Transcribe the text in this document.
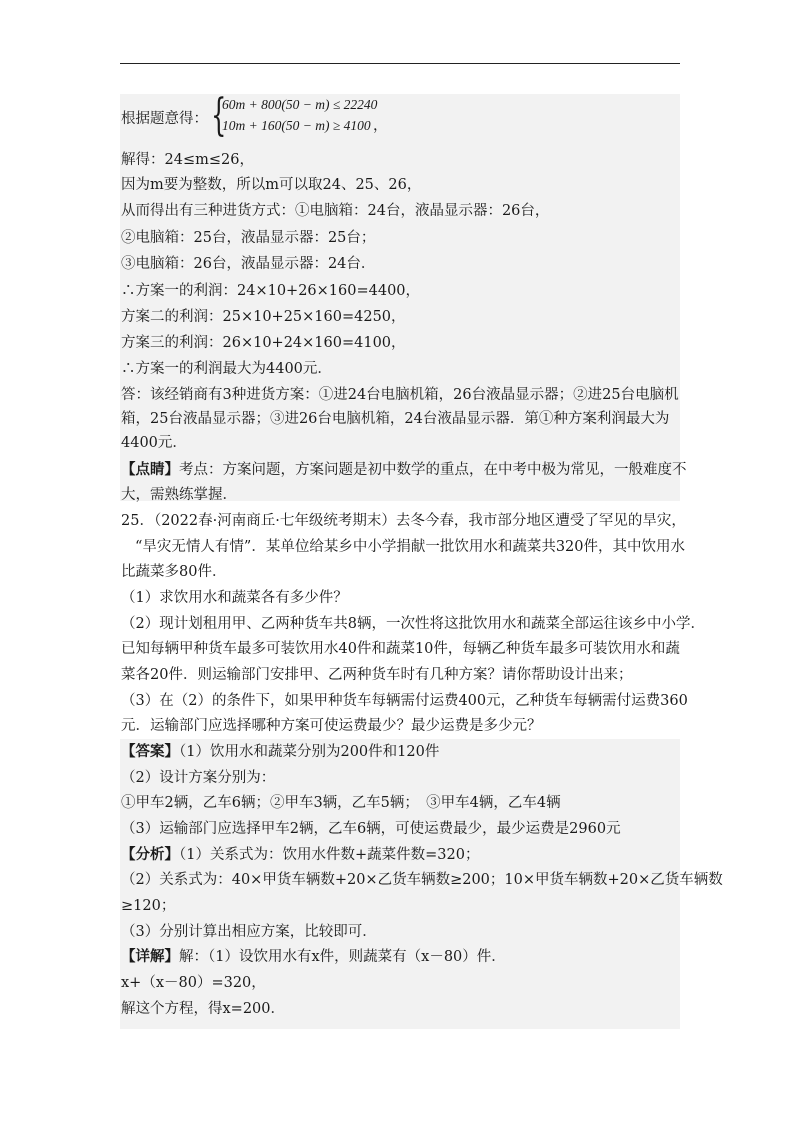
根据题意得： {
60m + 800(50 − m) ≤ 22240
10m + 160(50 − m) ≥ 4100 ，
解得：24≤m≤26，
因为m要为整数，所以m可以取24、25、26，
从而得出有三种进货方式：①电脑箱：24台，液晶显示器：26台，
②电脑箱：25台，液晶显示器：25台；
③电脑箱：26台，液晶显示器：24台．
∴方案一的利润：24×10+26×160=4400，
方案二的利润：25×10+25×160=4250，
方案三的利润：26×10+24×160=4100，
∴方案一的利润最大为4400元．
答：该经销商有3种进货方案：①进24台电脑机箱，26台液晶显示器；②进25台电脑机
箱，25台液晶显示器；③进26台电脑机箱，24台液晶显示器．第①种方案利润最大为
4400元．
【点睛】考点：方案问题，方案问题是初中数学的重点，在中考中极为常见，一般难度不
大，需熟练掌握．
25．（2022春·河南商丘·七年级统考期末）去冬今春，我市部分地区遭受了罕见的旱灾，
“旱灾无情人有情”．某单位给某乡中小学捐献一批饮用水和蔬菜共320件，其中饮用水
比蔬菜多80件．
（1）求饮用水和蔬菜各有多少件？
（2）现计划租用甲、乙两种货车共8辆，一次性将这批饮用水和蔬菜全部运往该乡中小学．
已知每辆甲种货车最多可装饮用水40件和蔬菜10件，每辆乙种货车最多可装饮用水和蔬
菜各20件．则运输部门安排甲、乙两种货车时有几种方案？请你帮助设计出来；
（3）在（2）的条件下，如果甲种货车每辆需付运费400元，乙种货车每辆需付运费360
元．运输部门应选择哪种方案可使运费最少？最少运费是多少元？
【答案】（1）饮用水和蔬菜分别为200件和120件
（2）设计方案分别为：
①甲车2辆，乙车6辆；②甲车3辆，乙车5辆；　③甲车4辆，乙车4辆
（3）运输部门应选择甲车2辆，乙车6辆，可使运费最少，最少运费是2960元
【分析】（1）关系式为：饮用水件数+蔬菜件数=320；
（2）关系式为：40×甲货车辆数+20×乙货车辆数≥200；10×甲货车辆数+20×乙货车辆数
≥120；
（3）分别计算出相应方案，比较即可．
【详解】解：（1）设饮用水有x件，则蔬菜有（x－80）件．
x+（x－80）=320，
解这个方程，得x=200．
